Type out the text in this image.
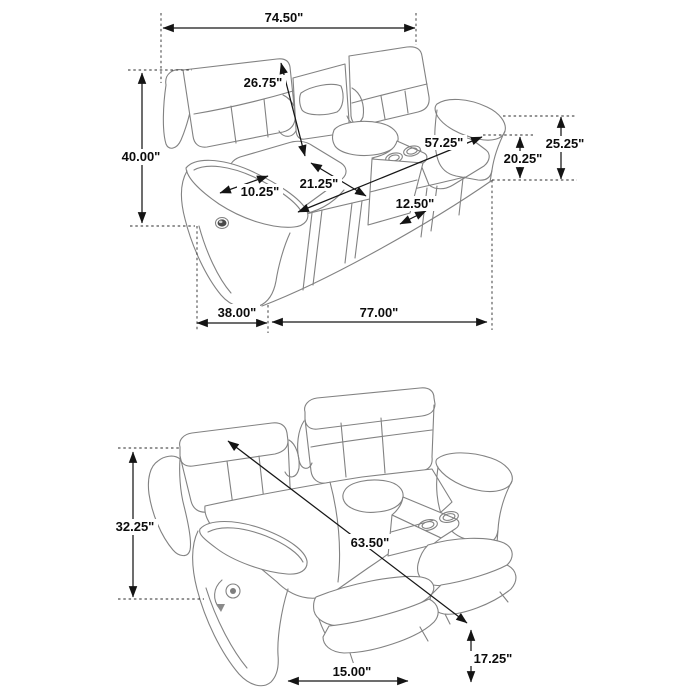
74.50"
26.75"
40.00"
10.25"
21.25"
57.25"
12.50"
20.25"
25.25"
38.00"	77.00"
32.25"
63.50"
17.25"
15.00"
